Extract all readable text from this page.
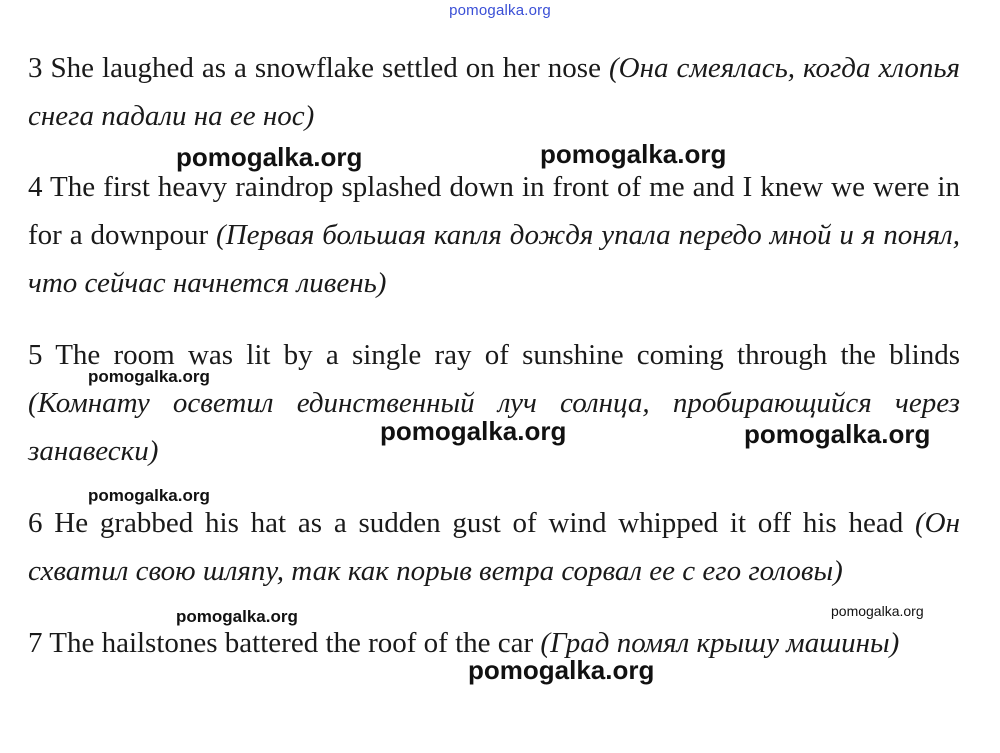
pomogalka.org
3 She laughed as a snowflake settled on her nose (Она смеялась, когда хлопья снега падали на ее нос)
4 The first heavy raindrop splashed down in front of me and I knew we were in for a downpour (Первая большая капля дождя упала передо мной и я понял, что сейчас начнется ливень)
5 The room was lit by a single ray of sunshine coming through the blinds (Комнату осветил единственный луч солнца, пробирающийся через занавески)
6 He grabbed his hat as a sudden gust of wind whipped it off his head (Он схватил свою шляпу, так как порыв ветра сорвал ее с его головы)
7 The hailstones battered the roof of the car (Град помял крышу машины)
pomogalka.org	pomogalka.org
pomogalka.org
pomogalka.org	pomogalka.org
pomogalka.org
pomogalka.org	pomogalka.org
pomogalka.org
